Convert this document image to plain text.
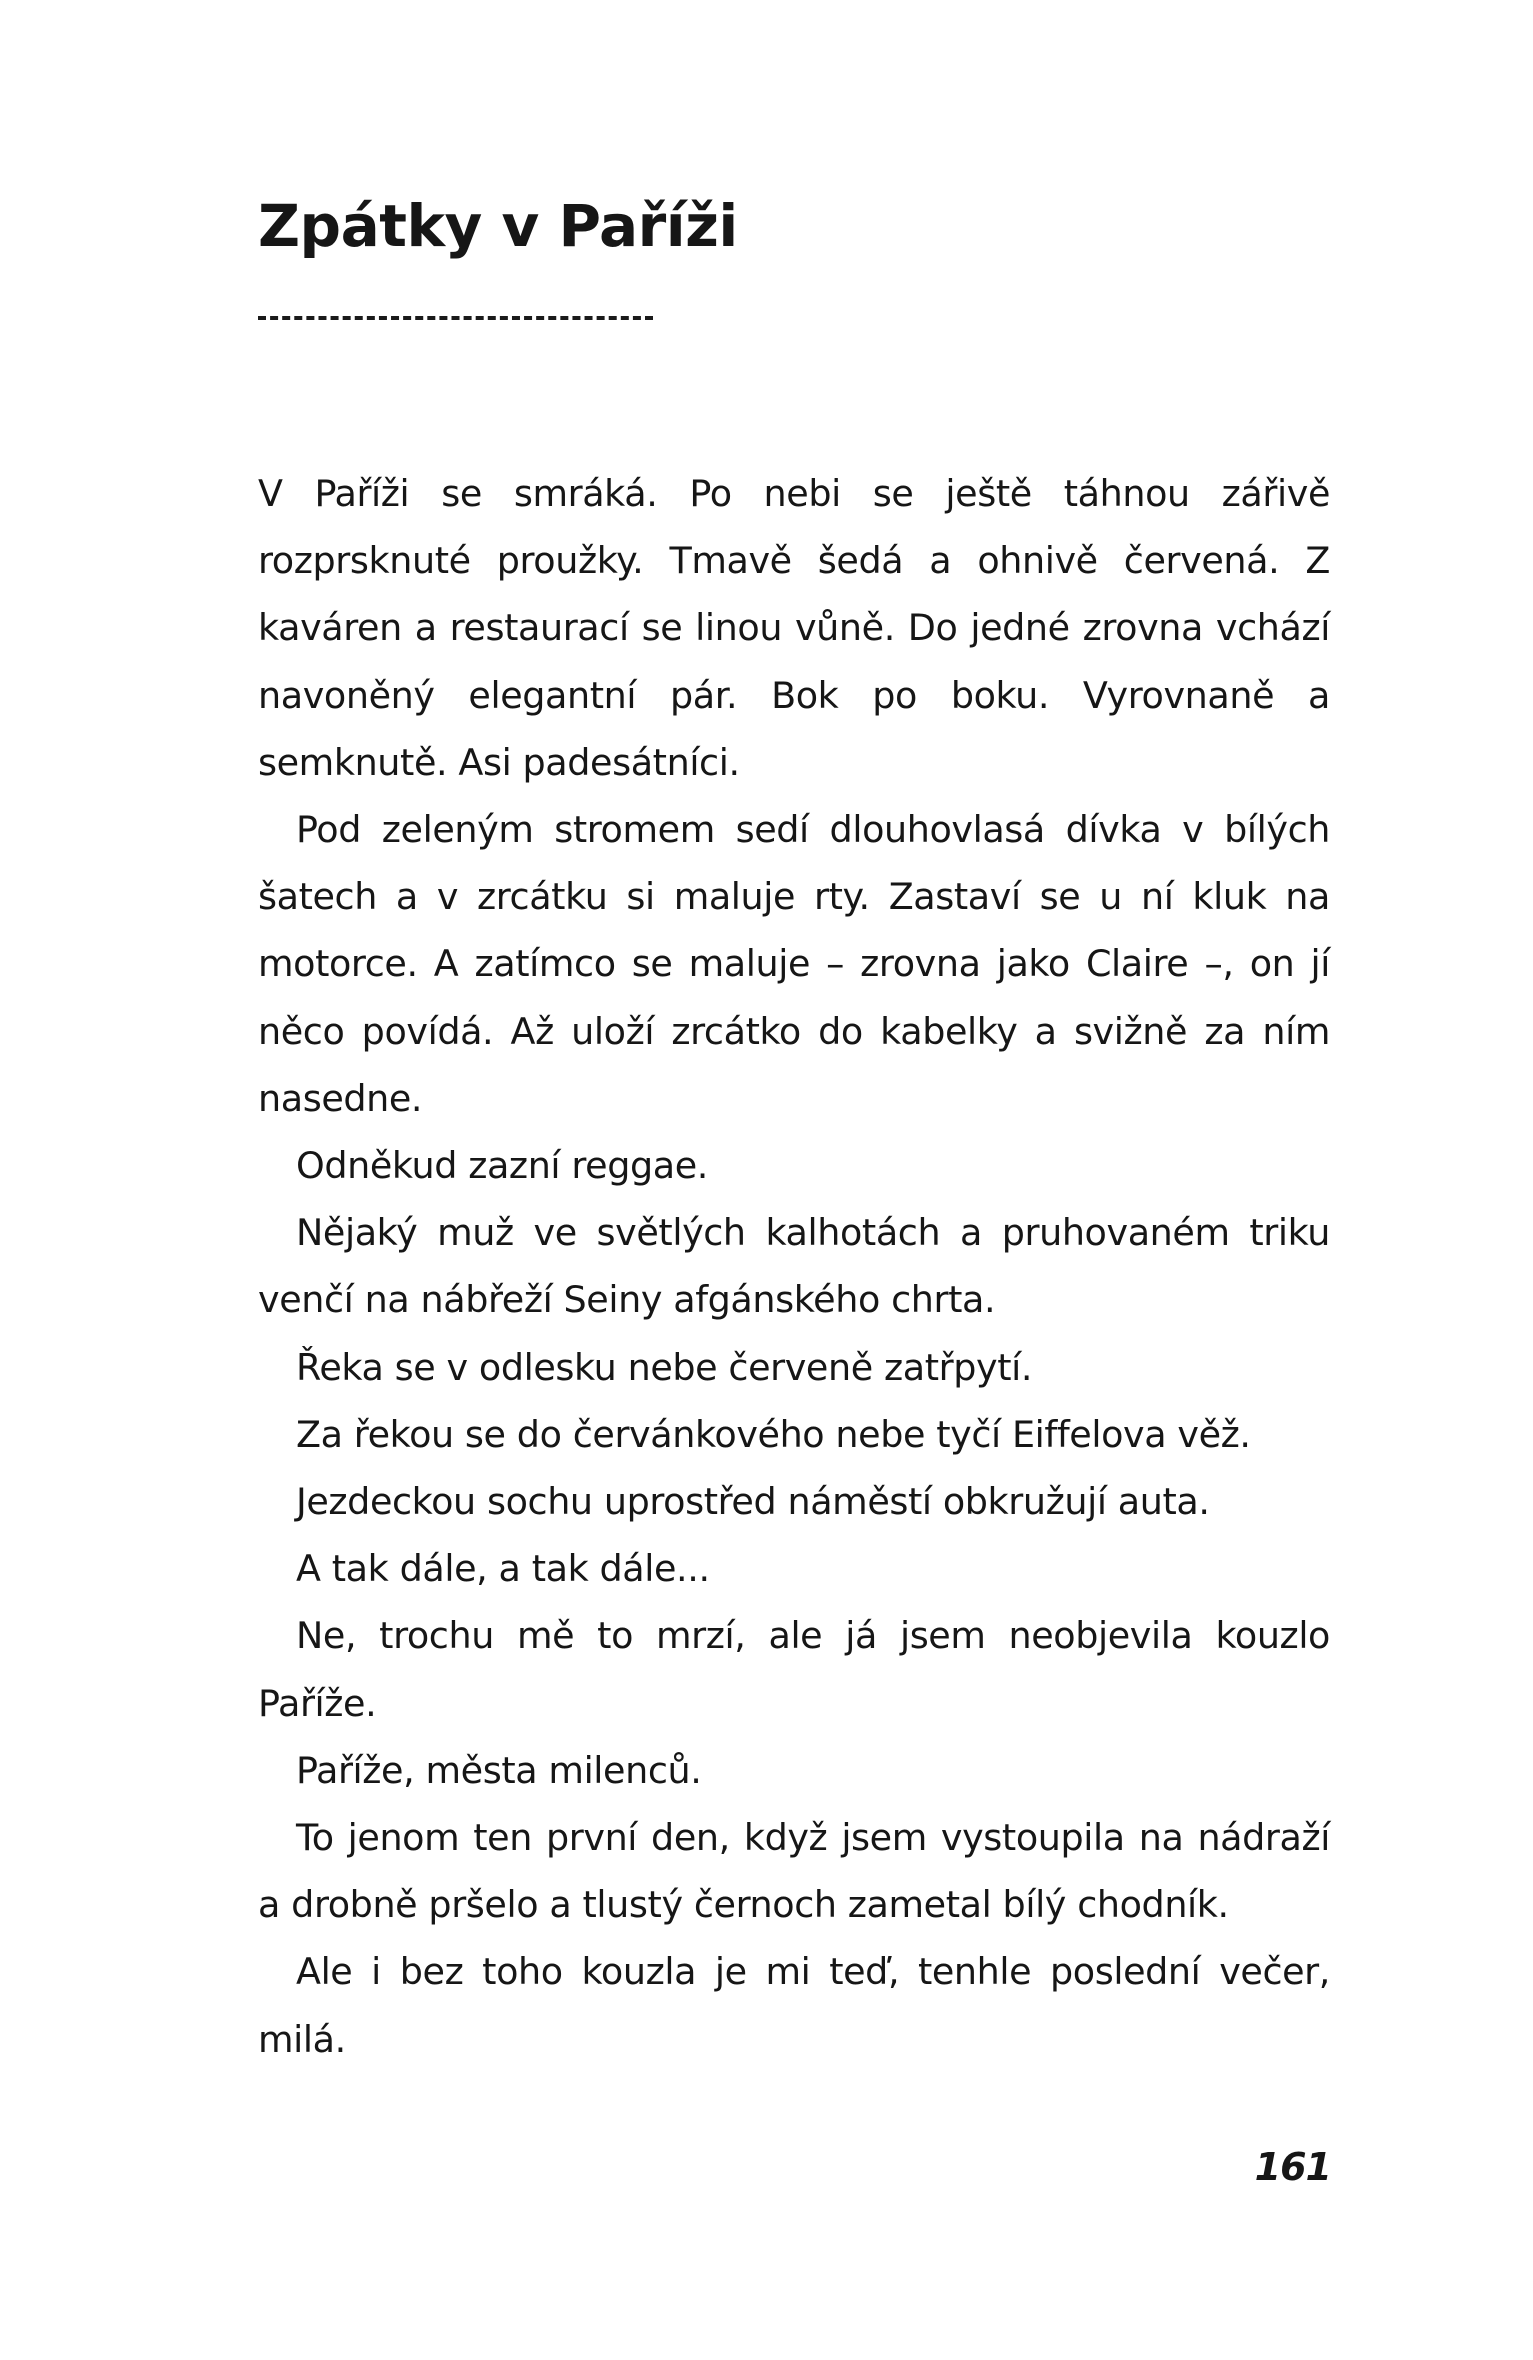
Zpátky v Paříži

V Paříži se smráká. Po nebi se ještě táhnou zářivě rozprsknuté proužky. Tmavě šedá a ohnivě červená. Z kaváren a restaurací se linou vůně. Do jedné zrovna vchází navoněný elegantní pár. Bok po boku. Vyrovnaně a semknutě. Asi padesátníci.

Pod zeleným stromem sedí dlouhovlasá dívka v bílých šatech a v zrcátku si maluje rty. Zastaví se u ní kluk na motorce. A zatímco se maluje – zrovna jako Claire –, on jí něco povídá. Až uloží zrcátko do kabelky a svižně za ním nasedne.

Odněkud zazní reggae.

Nějaký muž ve světlých kalhotách a pruhovaném triku venčí na nábřeží Seiny afgánského chrta.

Řeka se v odlesku nebe červeně zatřpytí.

Za řekou se do červánkového nebe tyčí Eiffelova věž.

Jezdeckou sochu uprostřed náměstí obkružují auta.

A tak dále, a tak dále...

Ne, trochu mě to mrzí, ale já jsem neobjevila kouzlo Paříže.

Paříže, města milenců.

To jenom ten první den, když jsem vystoupila na nádraží a drobně pršelo a tlustý černoch zametal bílý chodník.

Ale i bez toho kouzla je mi teď, tenhle poslední večer, milá.

161
